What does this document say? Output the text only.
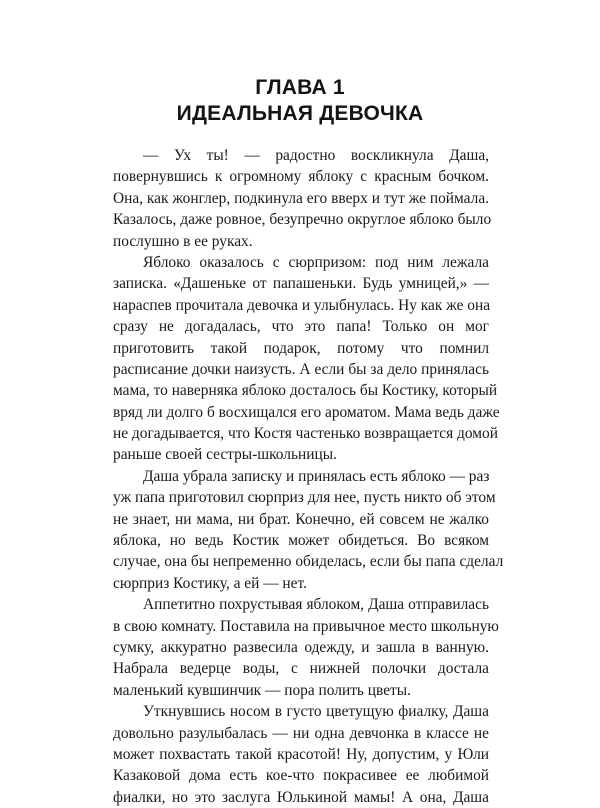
ГЛАВА 1
ИДЕАЛЬНАЯ ДЕВОЧКА
— Ух ты! — радостно воскликнула Даша,
повернувшись к огромному яблоку с красным бочком.
Она, как жонглер, подкинула его вверх и тут же поймала.
Казалось, даже ровное, безупречно округлое яблоко было
послушно в ее руках.
Яблоко оказалось с сюрпризом: под ним лежала
записка. «Дашеньке от папашеньки. Будь умницей,» —
нараспев прочитала девочка и улыбнулась. Ну как же она
сразу не догадалась, что это папа! Только он мог
приготовить такой подарок, потому что помнил
расписание дочки наизусть. А если бы за дело принялась
мама, то наверняка яблоко досталось бы Костику, который
вряд ли долго б восхищался его ароматом. Мама ведь даже
не догадывается, что Костя частенько возвращается домой
раньше своей сестры-школьницы.
Даша убрала записку и принялась есть яблоко — раз
уж папа приготовил сюрприз для нее, пусть никто об этом
не знает, ни мама, ни брат. Конечно, ей совсем не жалко
яблока, но ведь Костик может обидеться. Во всяком
случае, она бы непременно обиделась, если бы папа сделал
сюрприз Костику, а ей — нет.
Аппетитно похрустывая яблоком, Даша отправилась
в свою комнату. Поставила на привычное место школьную
сумку, аккуратно развесила одежду, и зашла в ванную.
Набрала ведерце воды, с нижней полочки достала
маленький кувшинчик — пора полить цветы.
Уткнувшись носом в густо цветущую фиалку, Даша
довольно разулыбалась — ни одна девчонка в классе не
может похвастать такой красотой! Ну, допустим, у Юли
Казаковой дома есть кое-что покрасивее ее любимой
фиалки, но это заслуга Юлькиной мамы! А она, Даша
